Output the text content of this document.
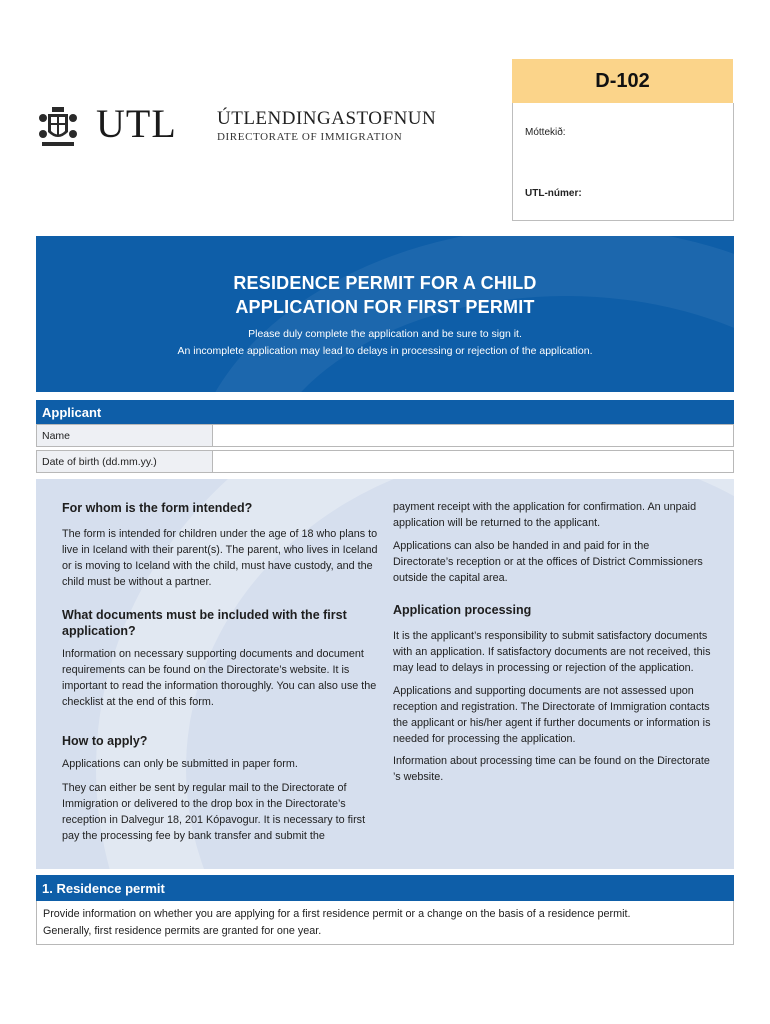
UTL ÚTLENDINGASTOFNUN
DIRECTORATE OF IMMIGRATION
D-102
Móttekið:
UTL-númer:
RESIDENCE PERMIT FOR A CHILD
APPLICATION FOR FIRST PERMIT
Please duly complete the application and be sure to sign it.
An incomplete application may lead to delays in processing or rejection of the application.
Applicant
Name
Date of birth (dd.mm.yy.)
For whom is the form intended?

The form is intended for children under the age of 18 who plans to live in Iceland with their parent(s). The parent, who lives in Iceland or is moving to Iceland with the child, must have custody, and the child must be without a partner.

What documents must be included with the first application?

Information on necessary supporting documents and document requirements can be found on the Directorate’s website. It is important to read the information thoroughly. You can also use the checklist at the end of this form.

How to apply?

Applications can only be submitted in paper form.

They can either be sent by regular mail to the Directorate of Immigration or delivered to the drop box in the Directorate’s reception in Dalvegur 18, 201 Kópavogur. It is necessary to first pay the processing fee by bank transfer and submit the

payment receipt with the application for confirmation. An unpaid application will be returned to the applicant.

Applications can also be handed in and paid for in the Directorate’s reception or at the offices of District Commissioners outside the capital area.

Application processing

It is the applicant’s responsibility to submit satisfactory documents with an application. If satisfactory documents are not received, this may lead to delays in processing or rejection of the application.

Applications and supporting documents are not assessed upon reception and registration. The Directorate of Immigration contacts the applicant or his/her agent if further documents or information is needed for processing the application.

Information about processing time can be found on the Directorate ’s website.

1. Residence permit
Provide information on whether you are applying for a first residence permit or a change on the basis of a residence permit.
Generally, first residence permits are granted for one year.
